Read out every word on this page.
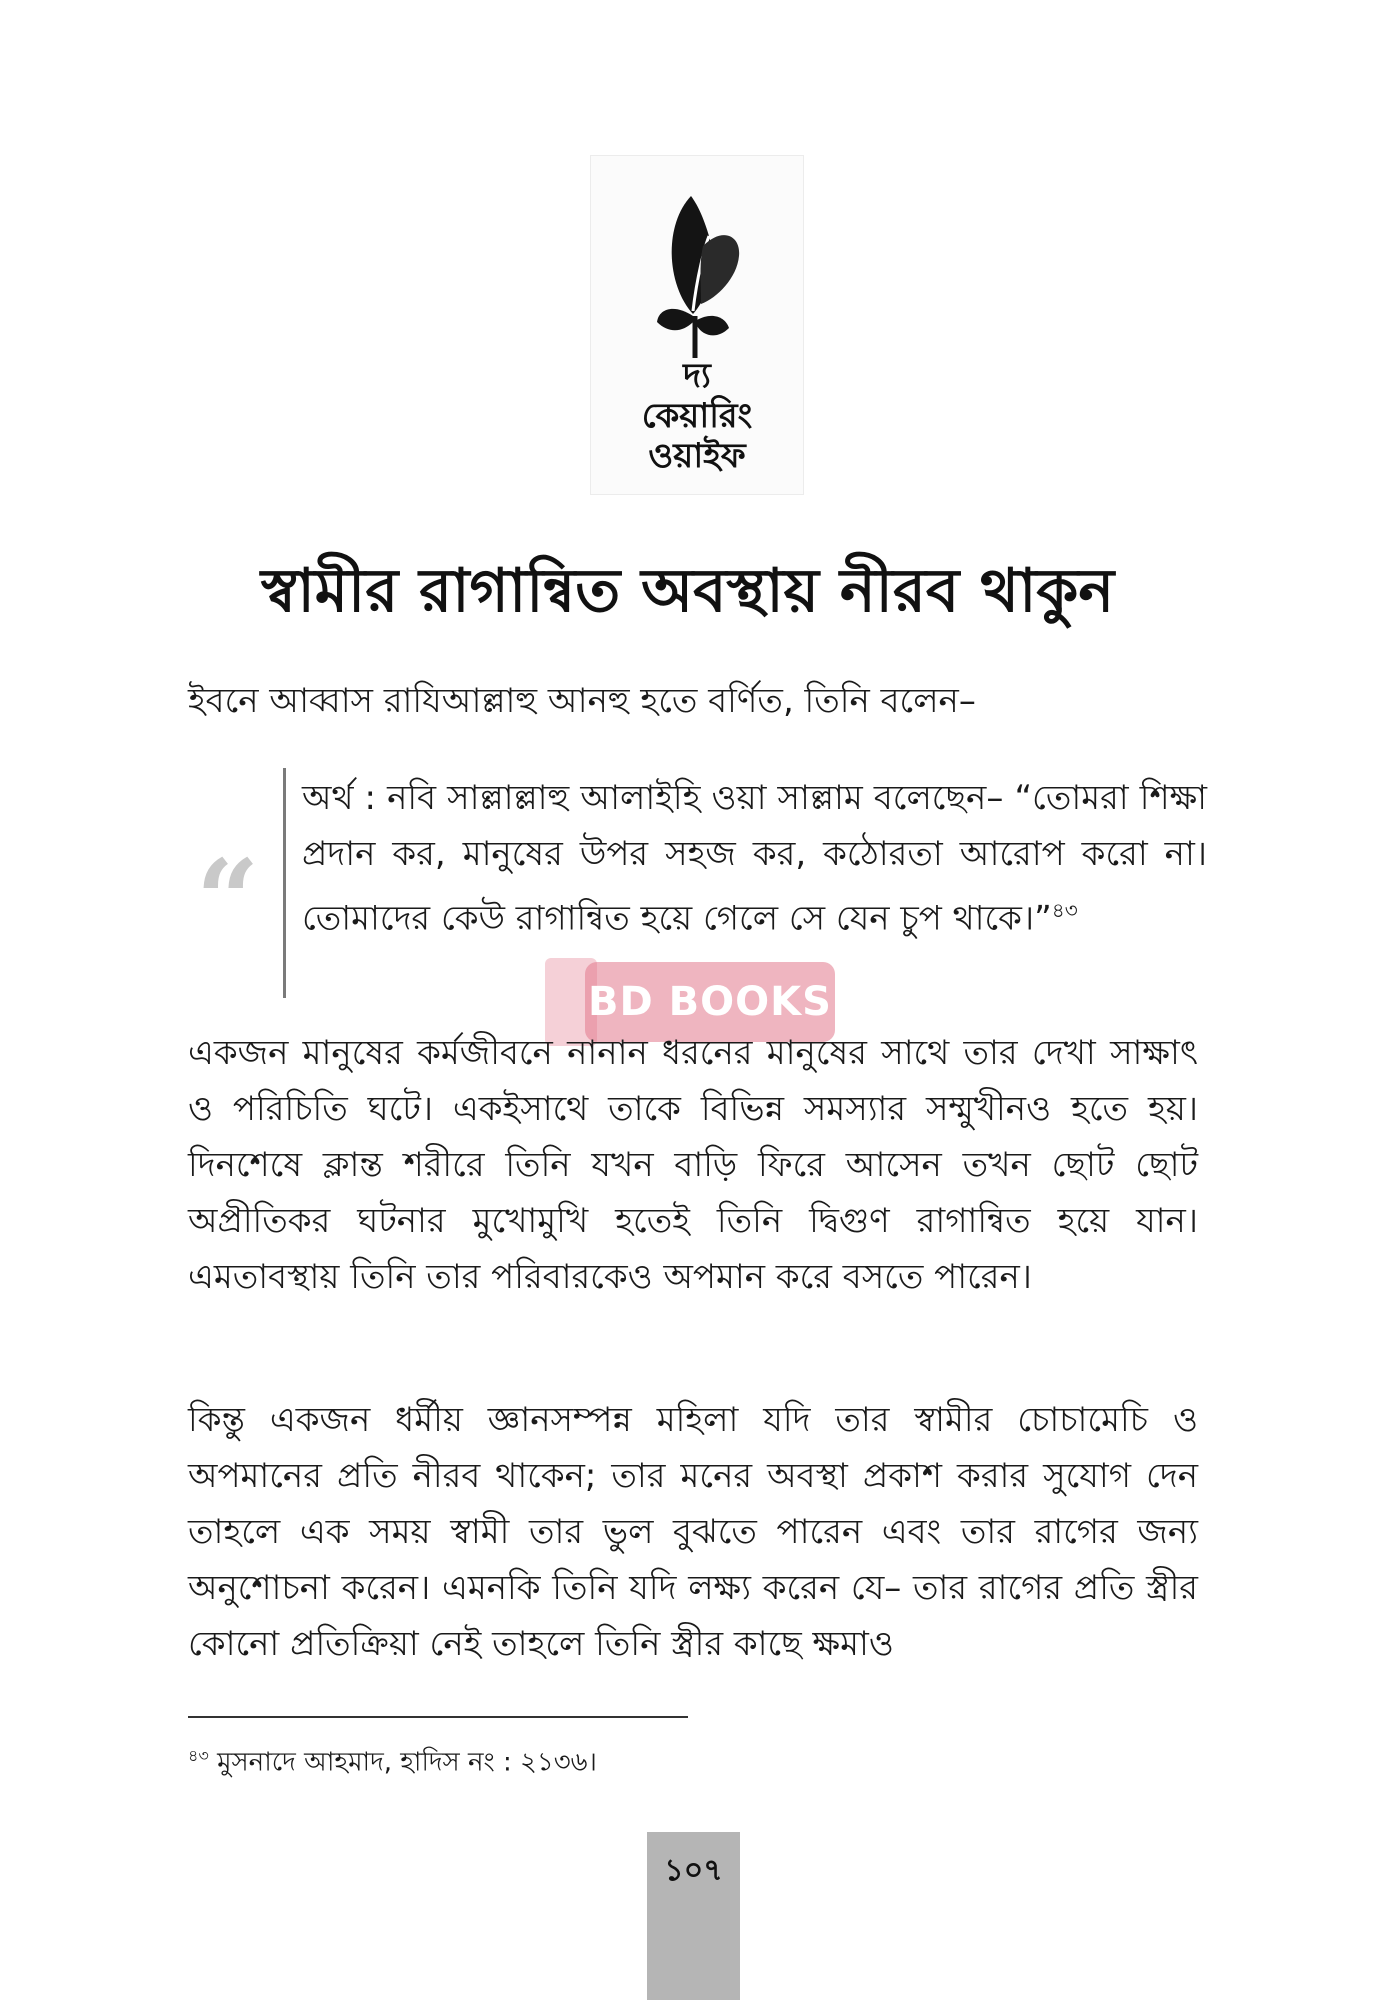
দ্য
কেয়ারিং
ওয়াইফ
স্বামীর রাগান্বিত অবস্থায় নীরব থাকুন

ইবনে আব্বাস রাযিআল্লাহু আনহু হতে বর্ণিত, তিনি বলেন–

“

অর্থ : নবি সাল্লাল্লাহু আলাইহি ওয়া সাল্লাম বলেছেন– “তোমরা শিক্ষা প্রদান কর, মানুষের উপর সহজ কর, কঠোরতা আরোপ করো না। তোমাদের কেউ রাগান্বিত হয়ে গেলে সে যেন চুপ থাকে।”$^{৪৩}$

BD BOOKS

একজন মানুষের কর্মজীবনে নানান ধরনের মানুষের সাথে তার দেখা সাক্ষাৎ ও পরিচিতি ঘটে। একইসাথে তাকে বিভিন্ন সমস্যার সম্মুখীনও হতে হয়। দিনশেষে ক্লান্ত শরীরে তিনি যখন বাড়ি ফিরে আসেন তখন ছোট ছোট অপ্রীতিকর ঘটনার মুখোমুখি হতেই তিনি দ্বিগুণ রাগান্বিত হয়ে যান। এমতাবস্থায় তিনি তার পরিবারকেও অপমান করে বসতে পারেন।

কিন্তু একজন ধর্মীয় জ্ঞানসম্পন্ন মহিলা যদি তার স্বামীর চোচামেচি ও অপমানের প্রতি নীরব থাকেন; তার মনের অবস্থা প্রকাশ করার সুযোগ দেন তাহলে এক সময় স্বামী তার ভুল বুঝতে পারেন এবং তার রাগের জন্য অনুশোচনা করেন। এমনকি তিনি যদি লক্ষ্য করেন যে– তার রাগের প্রতি স্ত্রীর কোনো প্রতিক্রিয়া নেই তাহলে তিনি স্ত্রীর কাছে ক্ষমাও

$^{৪৩}$ মুসনাদে আহমাদ, হাদিস নং : ২১৩৬।

১০৭
